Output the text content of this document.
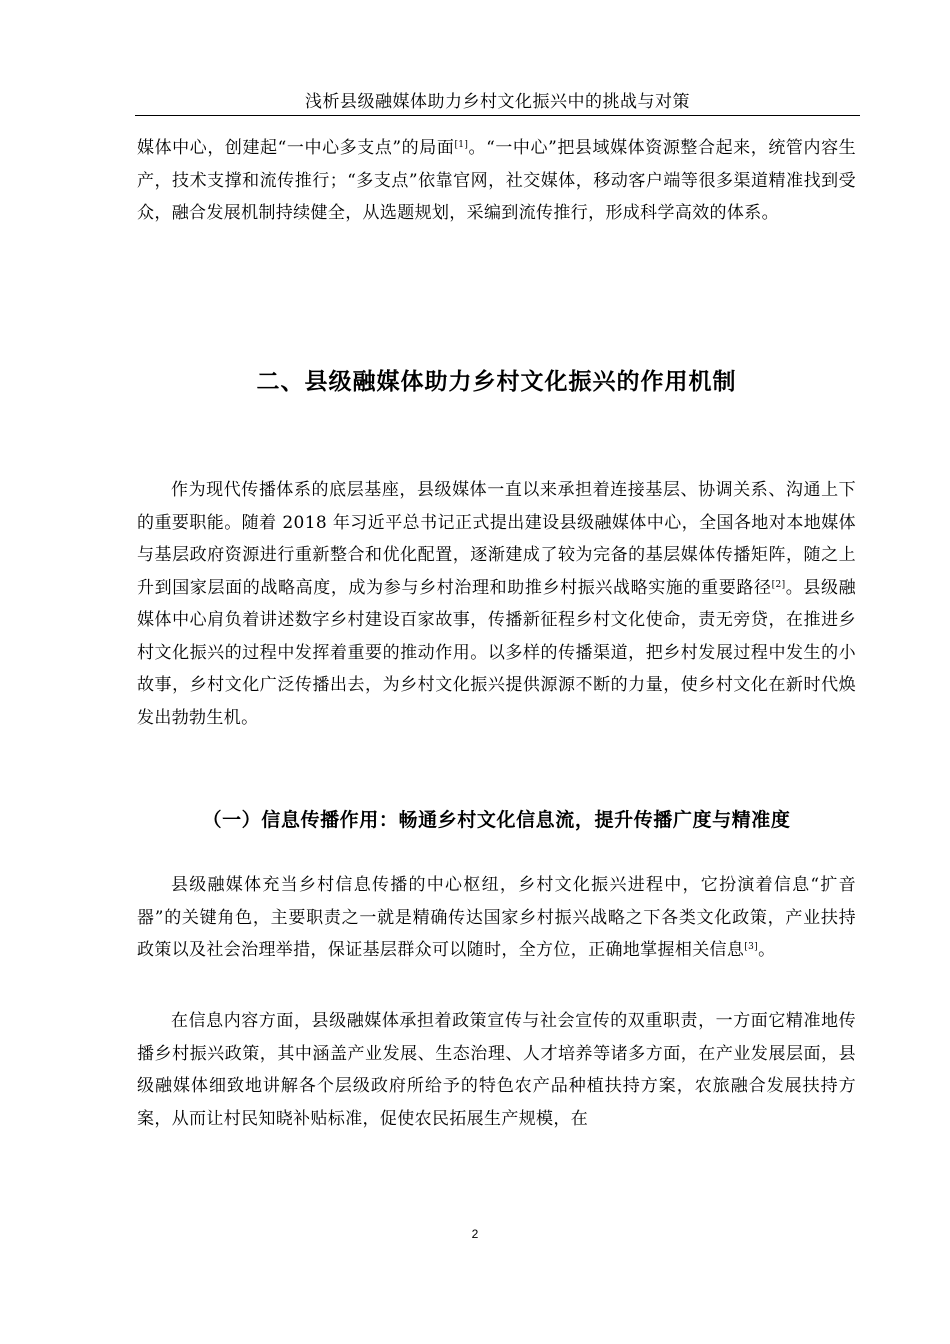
浅析县级融媒体助力乡村文化振兴中的挑战与对策

媒体中心，创建起“一中心多支点”的局面[1]。“一中心”把县域媒体资源整合起来，统管内容生产，技术支撑和流传推行；“多支点”依靠官网，社交媒体，移动客户端等很多渠道精准找到受众，融合发展机制持续健全，从选题规划，采编到流传推行，形成科学高效的体系。

二、县级融媒体助力乡村文化振兴的作用机制

作为现代传播体系的底层基座，县级媒体一直以来承担着连接基层、协调关系、沟通上下的重要职能。随着 2018 年习近平总书记正式提出建设县级融媒体中心，全国各地对本地媒体与基层政府资源进行重新整合和优化配置，逐渐建成了较为完备的基层媒体传播矩阵，随之上升到国家层面的战略高度，成为参与乡村治理和助推乡村振兴战略实施的重要路径[2]。县级融媒体中心肩负着讲述数字乡村建设百家故事，传播新征程乡村文化使命，责无旁贷，在推进乡村文化振兴的过程中发挥着重要的推动作用。以多样的传播渠道，把乡村发展过程中发生的小故事，乡村文化广泛传播出去，为乡村文化振兴提供源源不断的力量，使乡村文化在新时代焕发出勃勃生机。

（一）信息传播作用：畅通乡村文化信息流，提升传播广度与精准度

县级融媒体充当乡村信息传播的中心枢纽，乡村文化振兴进程中，它扮演着信息“扩音器”的关键角色，主要职责之一就是精确传达国家乡村振兴战略之下各类文化政策，产业扶持政策以及社会治理举措，保证基层群众可以随时，全方位，正确地掌握相关信息[3]。

在信息内容方面，县级融媒体承担着政策宣传与社会宣传的双重职责，一方面它精准地传播乡村振兴政策，其中涵盖产业发展、生态治理、人才培养等诸多方面，在产业发展层面，县级融媒体细致地讲解各个层级政府所给予的特色农产品种植扶持方案，农旅融合发展扶持方案，从而让村民知晓补贴标准，促使农民拓展生产规模，在

2
